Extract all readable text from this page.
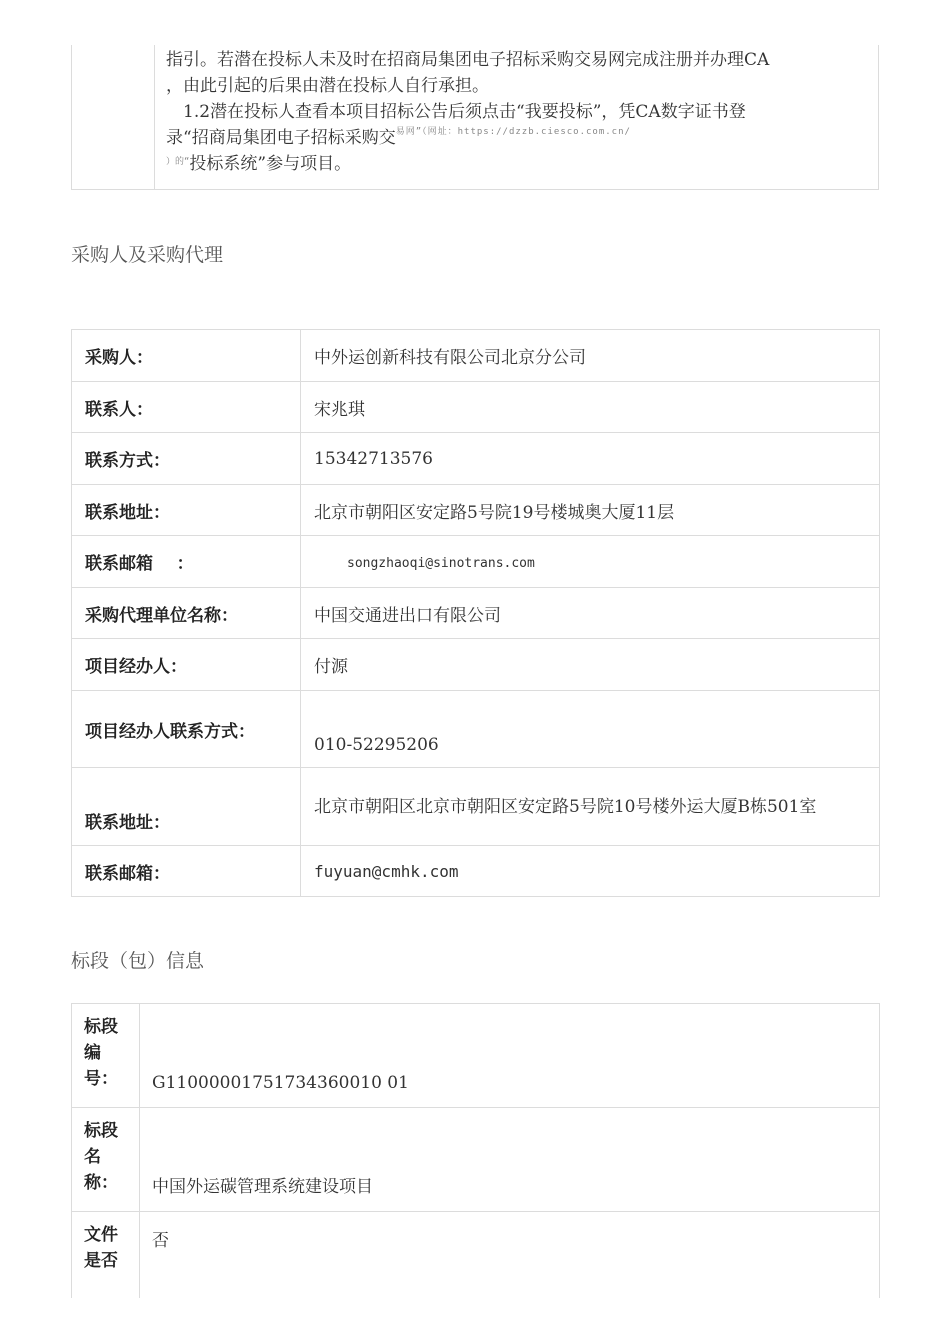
指引。若潜在投标人未及时在招商局集团电子招标采购交易网完成注册并办理CA

，由此引起的后果由潜在投标人自行承担。

1.2潜在投标人查看本项目招标公告后须点击“我要投标”，凭CA数字证书登

录“招商局集团电子招标采购交$^{易网”(网址:https://dzzb.ciesco.com.cn/}$

$^{)的“}$投标系统”参与项目。

采购人及采购代理
采购人：	中外运创新科技有限公司北京分公司
联系人：	宋兆琪
联系方式：	15342713576
联系地址：	北京市朝阳区安定路5号院19号楼城奥大厦11层
联系邮箱    ：	songzhaoqi@sinotrans.com
采购代理单位名称：	中国交通进出口有限公司
项目经办人：	付源
项目经办人联系方式：	010-52295206
联系地址：	北京市朝阳区北京市朝阳区安定路5号院10号楼外运大厦B栋501室
联系邮箱：	fuyuan@cmhk.com
标段（包）信息
标段编号：	G11000001751734360010 01
标段名称：	中国外运碳管理系统建设项目
文件是否	否
